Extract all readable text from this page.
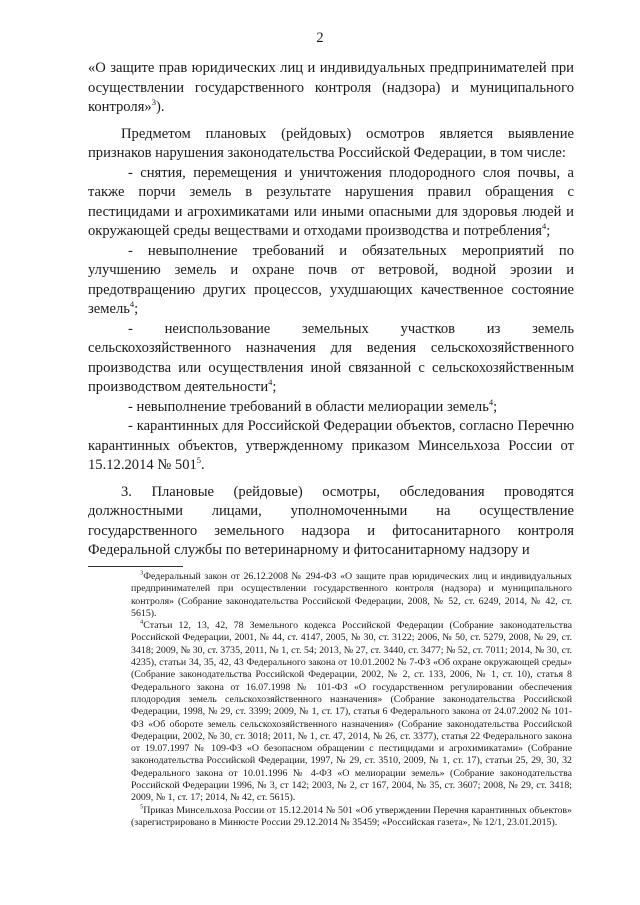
2

«О защите прав юридических лиц и индивидуальных предпринимателей при осуществлении государственного контроля (надзора) и муниципального контроля»$^3$).

Предметом плановых (рейдовых) осмотров является выявление признаков нарушения законодательства Российской Федерации, в том числе:

- снятия, перемещения и уничтожения плодородного слоя почвы, а также порчи земель в результате нарушения правил обращения с пестицидами и агрохимикатами или иными опасными для здоровья людей и окружающей среды веществами и отходами производства и потребления$^4$;

- невыполнение требований и обязательных мероприятий по улучшению земель и охране почв от ветровой, водной эрозии и предотвращению других процессов, ухудшающих качественное состояние земель$^4$;

- неиспользование земельных участков из земель сельскохозяйственного назначения для ведения сельскохозяйственного производства или осуществления иной связанной с сельскохозяйственным производством деятельности$^4$;

- невыполнение требований в области мелиорации земель$^4$;

- карантинных для Российской Федерации объектов, согласно Перечню карантинных объектов, утвержденному приказом Минсельхоза России от 15.12.2014 № $501^5$.

3. Плановые (рейдовые) осмотры, обследования проводятся должностными лицами, уполномоченными на осуществление государственного земельного надзора и фитосанитарного контроля Федеральной службы по ветеринарному и фитосанитарному надзору и

$^3$Федеральный закон от 26.12.2008 № 294-ФЗ «О защите прав юридических лиц и индивидуальных предпринимателей при осуществлении государственного контроля (надзора) и муниципального контроля» (Собрание законодательства Российской Федерации, 2008, № 52, ст. 6249, 2014, № 42, ст. 5615).

$^4$Статьи 12, 13, 42, 78 Земельного кодекса Российской Федерации (Собрание законодательства Российской Федерации, 2001, № 44, ст. 4147, 2005, № 30, ст. 3122; 2006, № 50, ст. 5279, 2008, № 29, ст. 3418; 2009, № 30, ст. 3735, 2011, № 1, ст. 54; 2013, № 27, ст. 3440, ст. 3477; № 52, ст. 7011; 2014, № 30, ст. 4235), статьи 34, 35, 42, 43 Федерального закона от 10.01.2002 № 7-ФЗ «Об охране окружающей среды» (Собрание законодательства Российской Федерации, 2002, № 2, ст. 133, 2006, № 1, ст. 10), статья 8 Федерального закона от 16.07.1998 № 101-ФЗ «О государственном регулировании обеспечения плодородия земель сельскохозяйственного назначения» (Собрание законодательства Российской Федерации, 1998, № 29, ст. 3399; 2009, № 1, ст. 17), статья 6 Федерального закона от 24.07.2002 № 101-ФЗ «Об обороте земель сельскохозяйственного назначения» (Собрание законодательства Российской Федерации, 2002, № 30, ст. 3018; 2011, № 1, ст. 47, 2014, № 26, ст. 3377), статья 22 Федерального закона от 19.07.1997 № 109-ФЗ «О безопасном обращении с пестицидами и агрохимикатами» (Собрание законодательства Российской Федерации, 1997, № 29, ст. 3510, 2009, № 1, ст. 17), статьи 25, 29, 30, 32 Федерального закона от 10.01.1996 № 4-ФЗ «О мелиорации земель» (Собрание законодательства Российской Федерации 1996, № 3, ст 142; 2003, № 2, ст 167, 2004, № 35, ст. 3607; 2008, № 29, ст. 3418; 2009, № 1, ст. 17; 2014, № 42, ст. 5615).

$^5$Приказ Минсельхоза России от 15.12.2014 № 501 «Об утверждении Перечня карантинных объектов» (зарегистрировано в Минюсте России 29.12.2014 № 35459; «Российская газета», № 12/1, 23.01.2015).
